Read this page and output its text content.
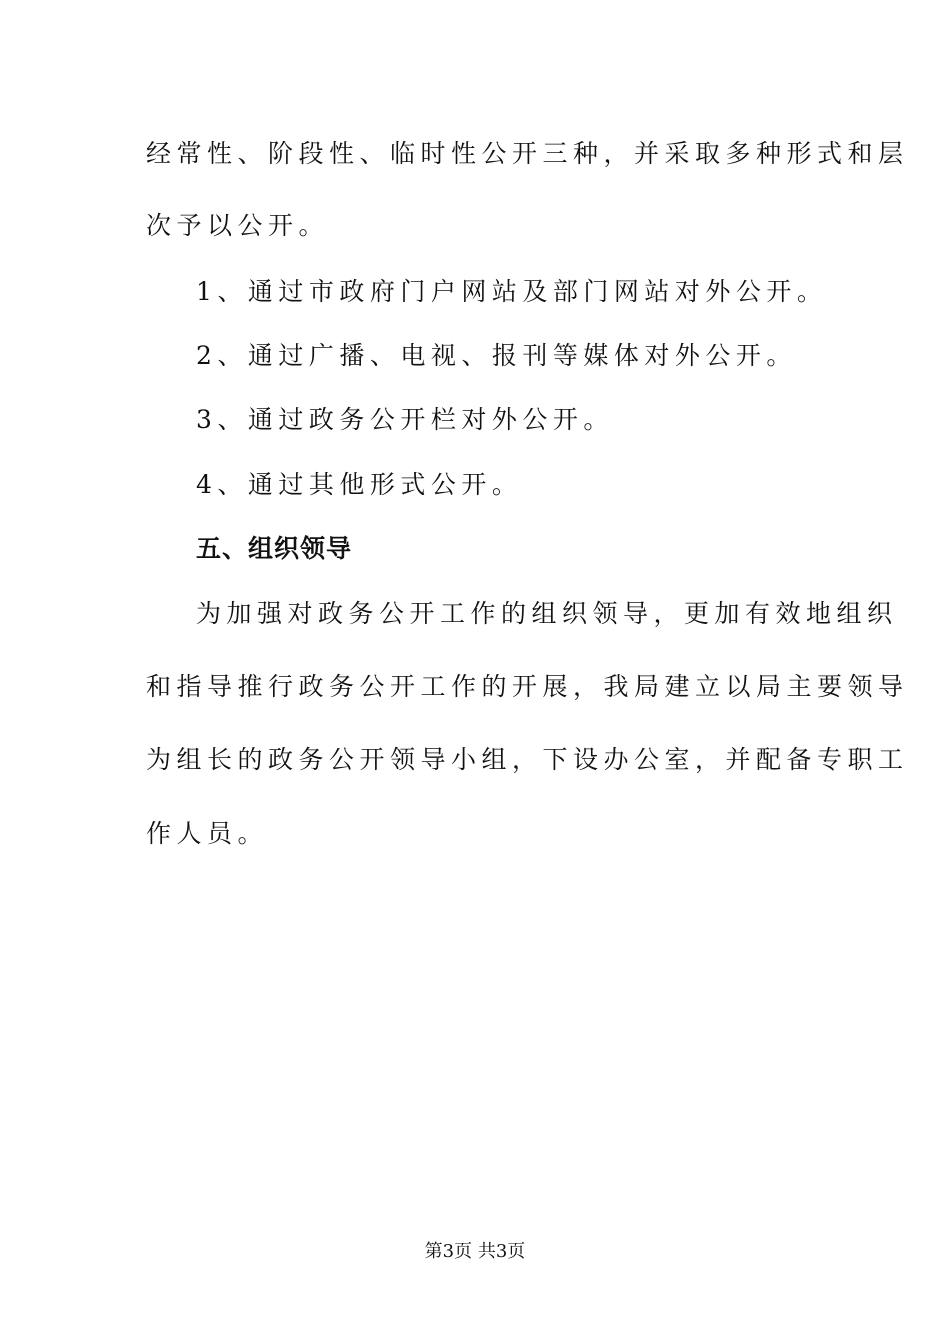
经常性、阶段性、临时性公开三种，并采取多种形式和层
次予以公开。
1、通过市政府门户网站及部门网站对外公开。
2、通过广播、电视、报刊等媒体对外公开。
3、通过政务公开栏对外公开。
4、通过其他形式公开。
五、组织领导
为加强对政务公开工作的组织领导，更加有效地组织
和指导推行政务公开工作的开展，我局建立以局主要领导
为组长的政务公开领导小组，下设办公室，并配备专职工
作人员。
第3页 共3页
